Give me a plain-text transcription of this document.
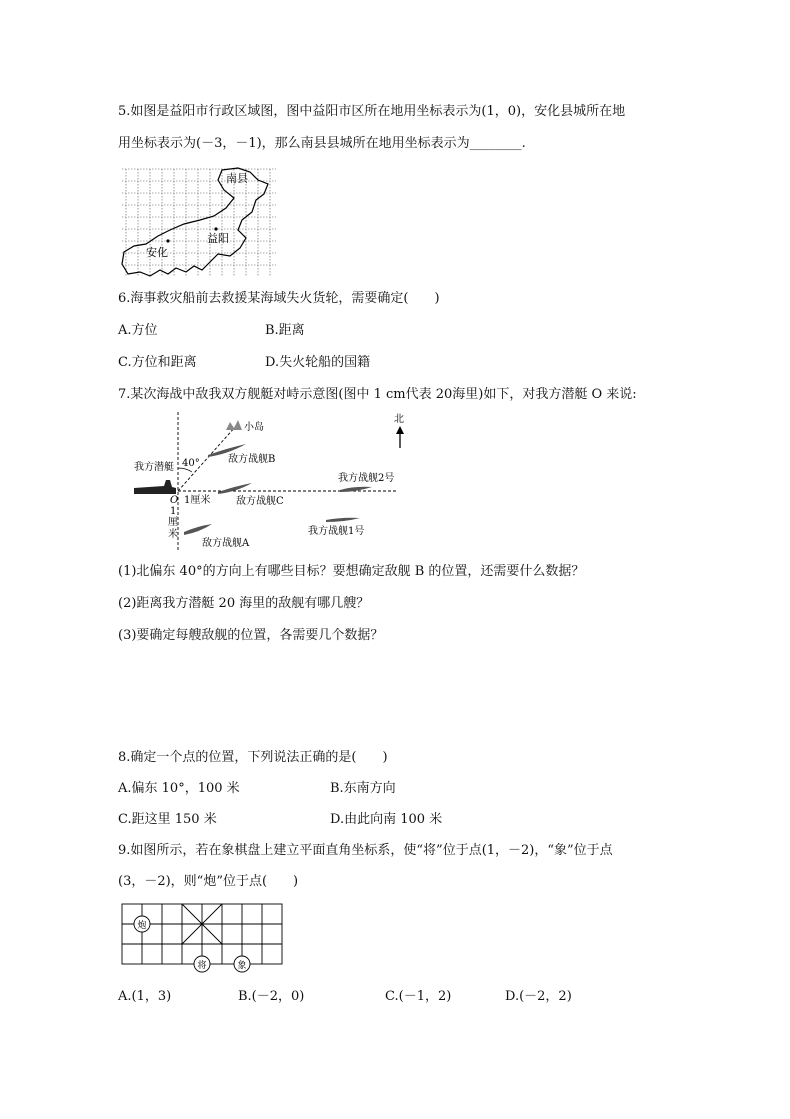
5.如图是益阳市行政区域图，图中益阳市区所在地用坐标表示为(1，0)，安化县城所在地
用坐标表示为(－3，－1)，那么南县县城所在地用坐标表示为________.
南县
益阳
安化
6.海事救灾船前去救援某海域失火货轮，需要确定(　　)
A.方位	B.距离
C.方位和距离	D.失火轮船的国籍
7.某次海战中敌我双方舰艇对峙示意图(图中 1 cm代表 20海里)如下，对我方潜艇 O 来说:
北
40°
小岛
敌方战舰B
我方潜艇
O 1厘米
1
厘
米
敌方战舰C
我方战舰2号
我方战舰1号
敌方战舰A
(1)北偏东 40°的方向上有哪些目标？要想确定敌舰 B 的位置，还需要什么数据？
(2)距离我方潜艇 20 海里的敌舰有哪几艘？
(3)要确定每艘敌舰的位置，各需要几个数据？
8.确定一个点的位置，下列说法正确的是(　　)
A.偏东 10°，100 米	B.东南方向
C.距这里 150 米	D.由此向南 100 米
9.如图所示，若在象棋盘上建立平面直角坐标系，使“将”位于点(1，－2)，“象”位于点
(3，－2)，则“炮”位于点(　　)
炮
将	象
A.(1，3)	B.(－2，0)	C.(－1，2)	D.(－2，2)
